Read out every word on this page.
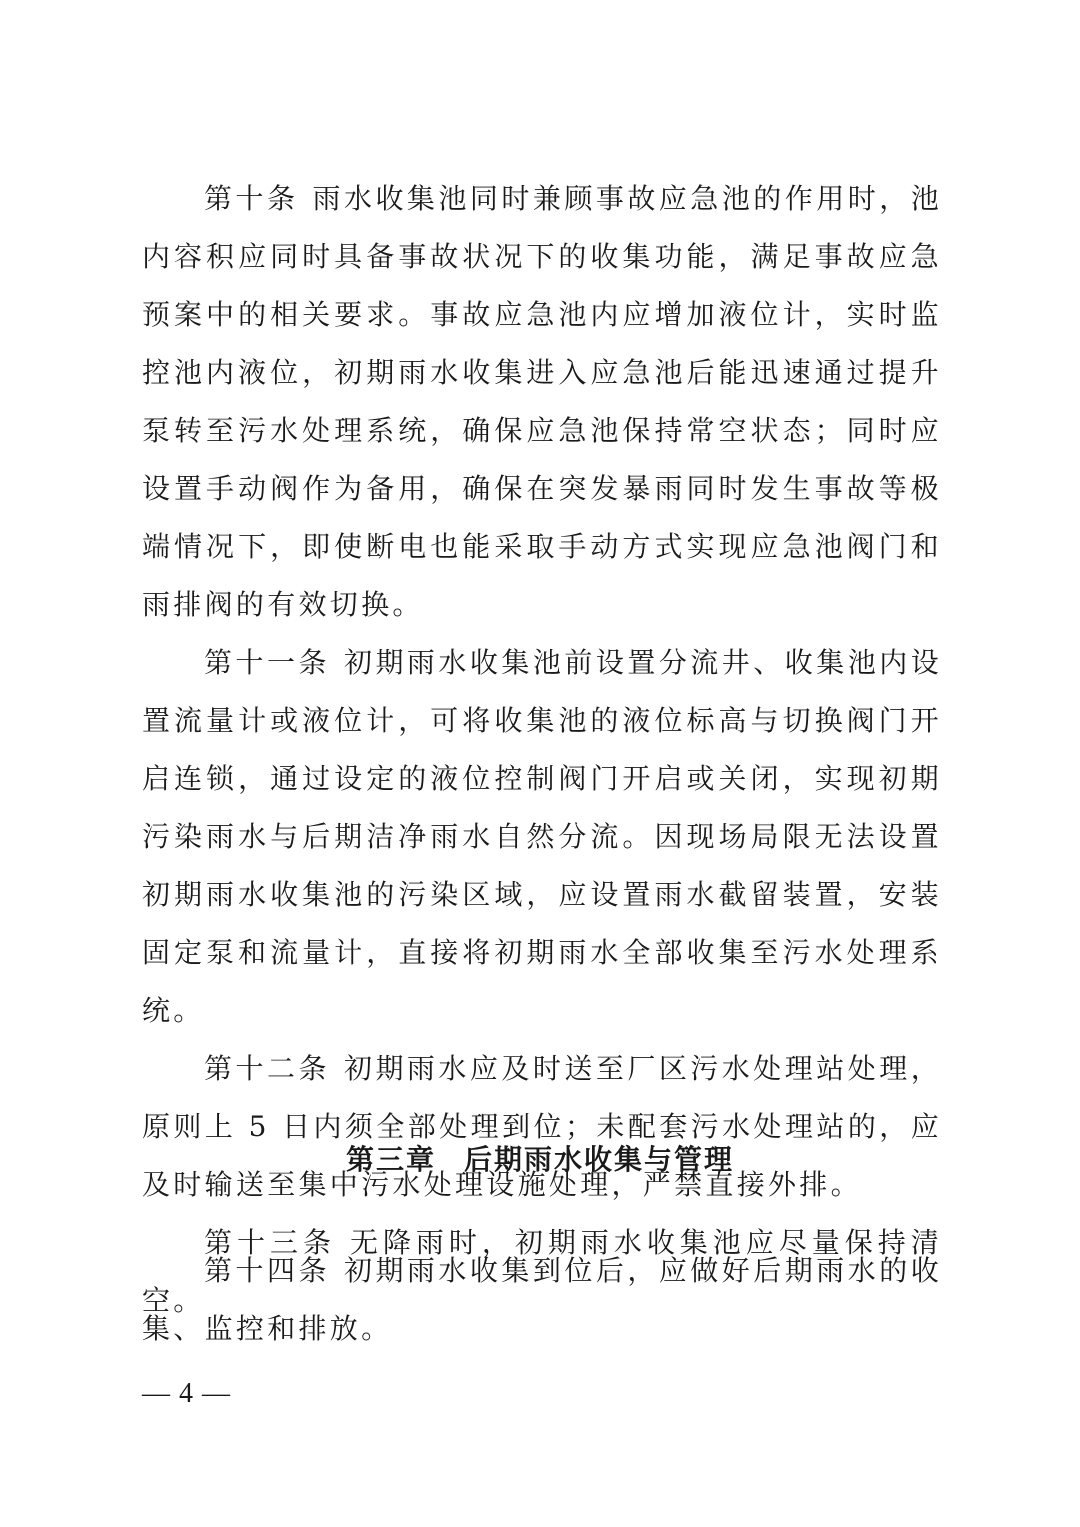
第十条 雨水收集池同时兼顾事故应急池的作用时，池内容积应同时具备事故状况下的收集功能，满足事故应急预案中的相关要求。事故应急池内应增加液位计，实时监控池内液位，初期雨水收集进入应急池后能迅速通过提升泵转至污水处理系统，确保应急池保持常空状态；同时应设置手动阀作为备用，确保在突发暴雨同时发生事故等极端情况下，即使断电也能采取手动方式实现应急池阀门和雨排阀的有效切换。

第十一条 初期雨水收集池前设置分流井、收集池内设置流量计或液位计，可将收集池的液位标高与切换阀门开启连锁，通过设定的液位控制阀门开启或关闭，实现初期污染雨水与后期洁净雨水自然分流。因现场局限无法设置初期雨水收集池的污染区域，应设置雨水截留装置，安装固定泵和流量计，直接将初期雨水全部收集至污水处理系统。

第十二条 初期雨水应及时送至厂区污水处理站处理，原则上 5 日内须全部处理到位；未配套污水处理站的，应及时输送至集中污水处理设施处理，严禁直接外排。

第十三条 无降雨时，初期雨水收集池应尽量保持清空。

第三章 后期雨水收集与管理

第十四条 初期雨水收集到位后，应做好后期雨水的收集、监控和排放。

— 4 —
